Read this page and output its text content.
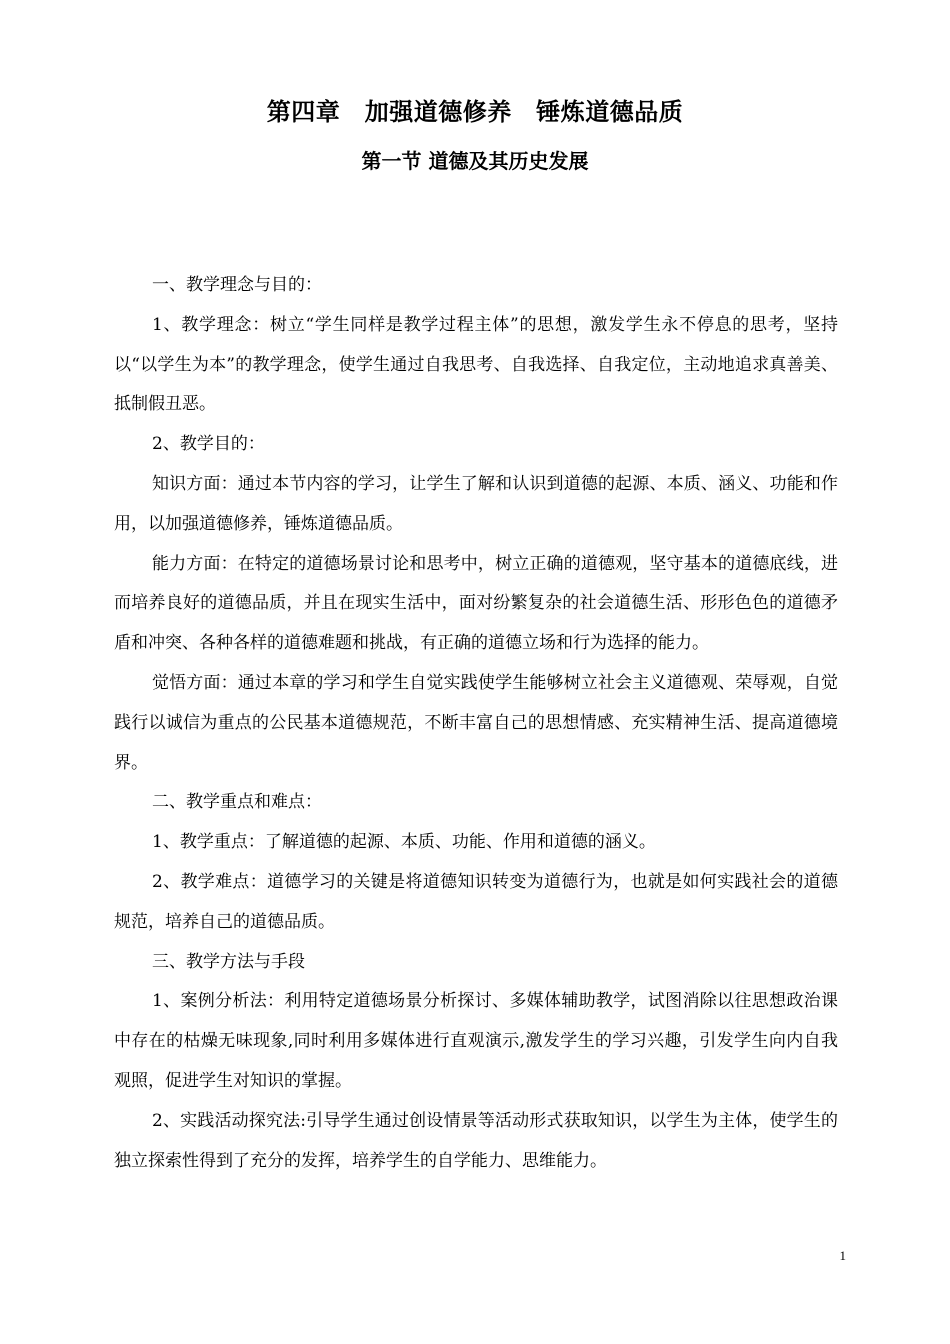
第四章　加强道德修养　锤炼道德品质
第一节 道德及其历史发展

一、教学理念与目的：

1、教学理念：树立“学生同样是教学过程主体”的思想，激发学生永不停息的思考，坚持以“以学生为本”的教学理念，使学生通过自我思考、自我选择、自我定位，主动地追求真善美、抵制假丑恶。

2、教学目的：

知识方面：通过本节内容的学习，让学生了解和认识到道德的起源、本质、涵义、功能和作用，以加强道德修养，锤炼道德品质。

能力方面：在特定的道德场景讨论和思考中，树立正确的道德观，坚守基本的道德底线，进而培养良好的道德品质，并且在现实生活中，面对纷繁复杂的社会道德生活、形形色色的道德矛盾和冲突、各种各样的道德难题和挑战，有正确的道德立场和行为选择的能力。

觉悟方面：通过本章的学习和学生自觉实践使学生能够树立社会主义道德观、荣辱观，自觉践行以诚信为重点的公民基本道德规范，不断丰富自己的思想情感、充实精神生活、提高道德境界。

二、教学重点和难点：

1、教学重点：了解道德的起源、本质、功能、作用和道德的涵义。

2、教学难点：道德学习的关键是将道德知识转变为道德行为，也就是如何实践社会的道德规范，培养自己的道德品质。

三、教学方法与手段

1、案例分析法：利用特定道德场景分析探讨、多媒体辅助教学，试图消除以往思想政治课中存在的枯燥无味现象,同时利用多媒体进行直观演示,激发学生的学习兴趣，引发学生向内自我观照，促进学生对知识的掌握。

2、实践活动探究法:引导学生通过创设情景等活动形式获取知识，以学生为主体，使学生的独立探索性得到了充分的发挥，培养学生的自学能力、思维能力。

1
